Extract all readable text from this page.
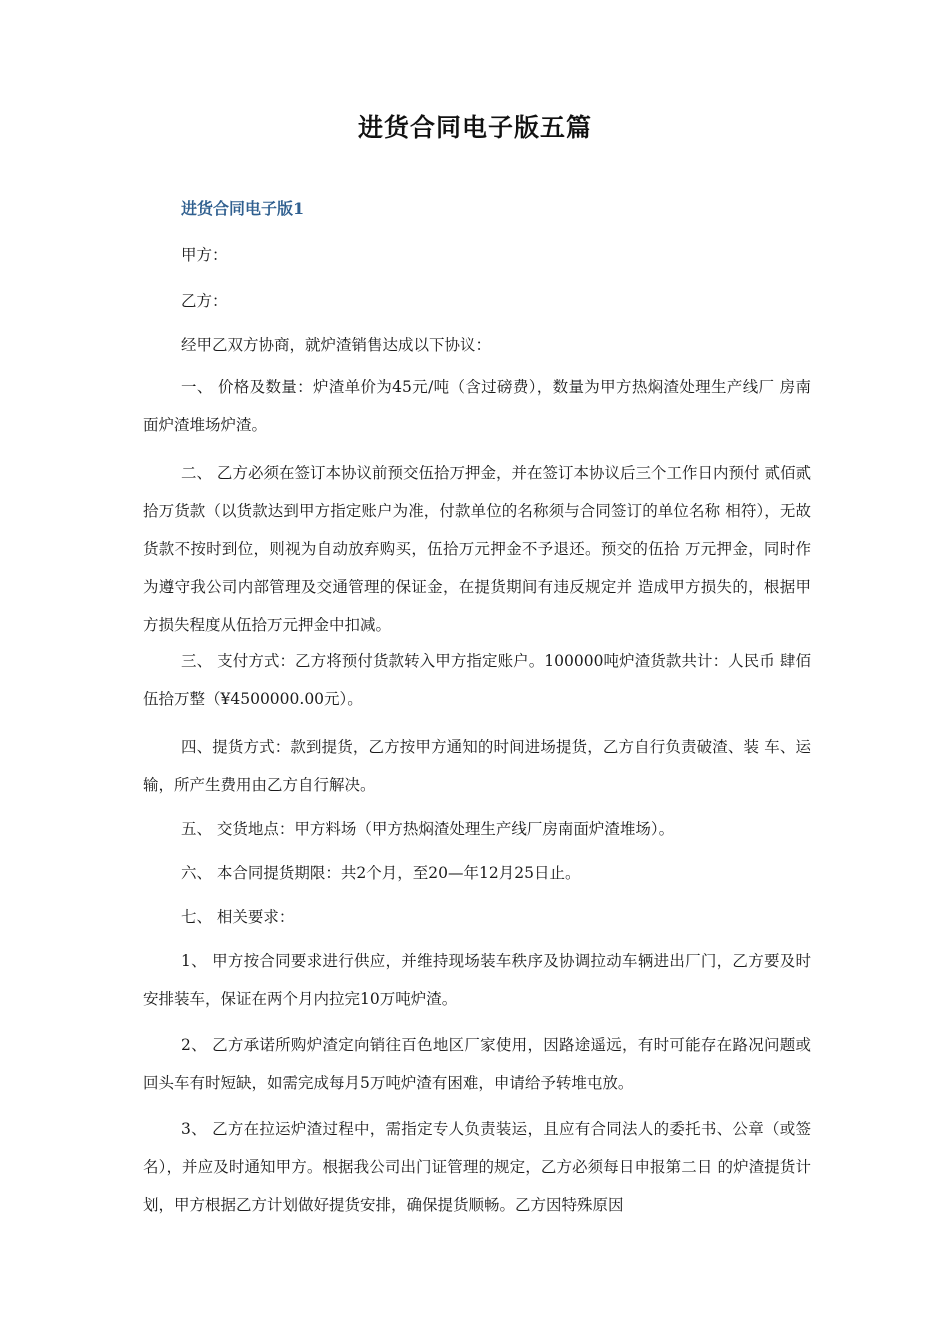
进货合同电子版五篇
进货合同电子版1

甲方：

乙方：

经甲乙双方协商，就炉渣销售达成以下协议：

一、 价格及数量：炉渣单价为45元/吨（含过磅费），数量为甲方热焖渣处理生产线厂 房南面炉渣堆场炉渣。

二、 乙方必须在签订本协议前预交伍拾万押金，并在签订本协议后三个工作日内预付 贰佰贰拾万货款（以货款达到甲方指定账户为准，付款单位的名称须与合同签订的单位名称 相符），无故货款不按时到位，则视为自动放弃购买，伍拾万元押金不予退还。预交的伍拾 万元押金，同时作为遵守我公司内部管理及交通管理的保证金，在提货期间有违反规定并 造成甲方损失的，根据甲方损失程度从伍拾万元押金中扣减。

三、 支付方式：乙方将预付货款转入甲方指定账户。100000吨炉渣货款共计：人民币 肆佰伍拾万整（¥4500000.00元）。

四、提货方式：款到提货，乙方按甲方通知的时间进场提货，乙方自行负责破渣、装 车、运输，所产生费用由乙方自行解决。

五、 交货地点：甲方料场（甲方热焖渣处理生产线厂房南面炉渣堆场）。

六、 本合同提货期限：共2个月，至20—年12月25日止。

七、 相关要求：

1、 甲方按合同要求进行供应，并维持现场装车秩序及协调拉动车辆进出厂门，乙方要及时安排装车，保证在两个月内拉完10万吨炉渣。

2、 乙方承诺所购炉渣定向销往百色地区厂家使用，因路途遥远，有时可能存在路况问题或回头车有时短缺，如需完成每月5万吨炉渣有困难，申请给予转堆屯放。

3、 乙方在拉运炉渣过程中，需指定专人负责装运，且应有合同法人的委托书、公章（或签名），并应及时通知甲方。根据我公司出门证管理的规定，乙方必须每日申报第二日 的炉渣提货计划，甲方根据乙方计划做好提货安排，确保提货顺畅。乙方因特殊原因
